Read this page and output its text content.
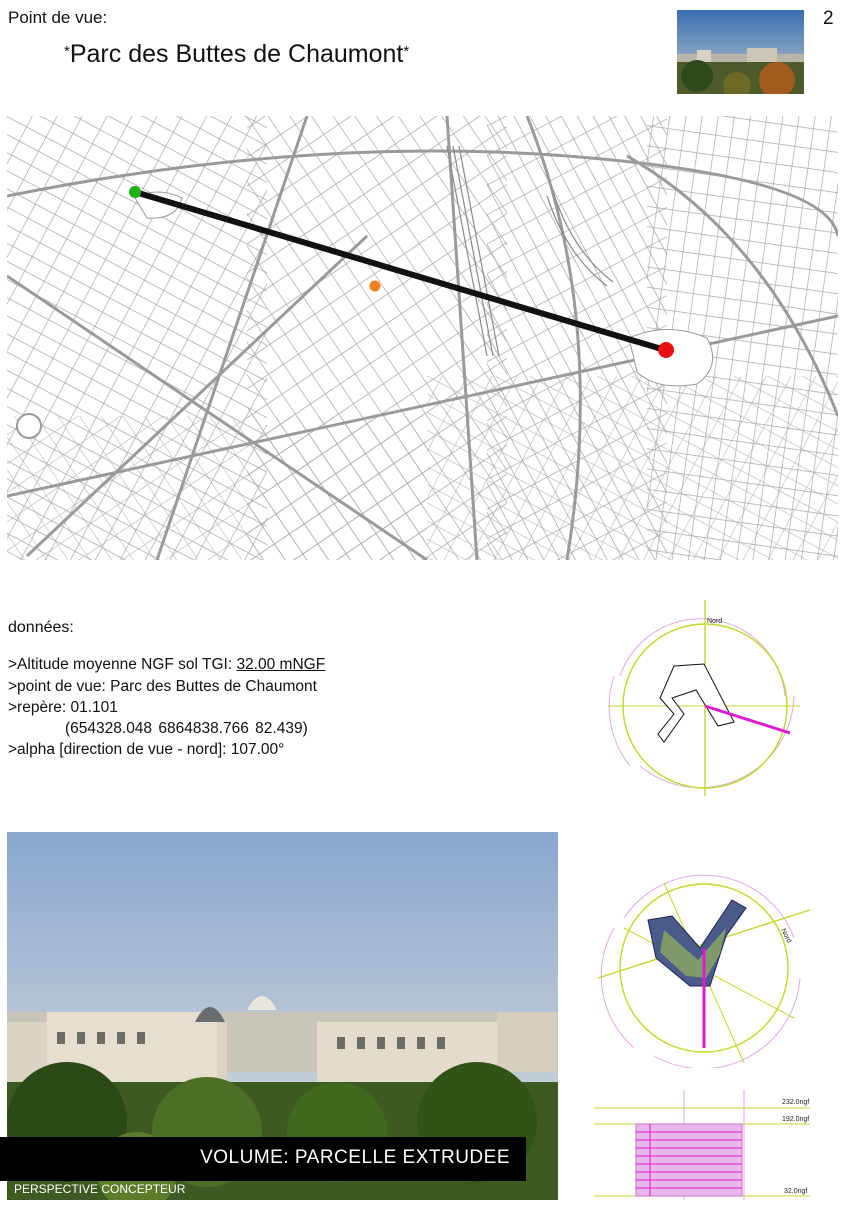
Point de vue:
*Parc des Buttes de Chaumont*
2
données:
>Altitude moyenne NGF sol TGI: 32.00 mNGF
>point de vue: Parc des Buttes de Chaumont
>repère: 01.101
(654328.048 6864838.766 82.439)
>alpha [direction de vue - nord]: 107.00°
Nord
VOLUME: PARCELLE EXTRUDEE
PERSPECTIVE CONCEPTEUR
Nord
232.0ngf
192.0ngf
32.0ngf
